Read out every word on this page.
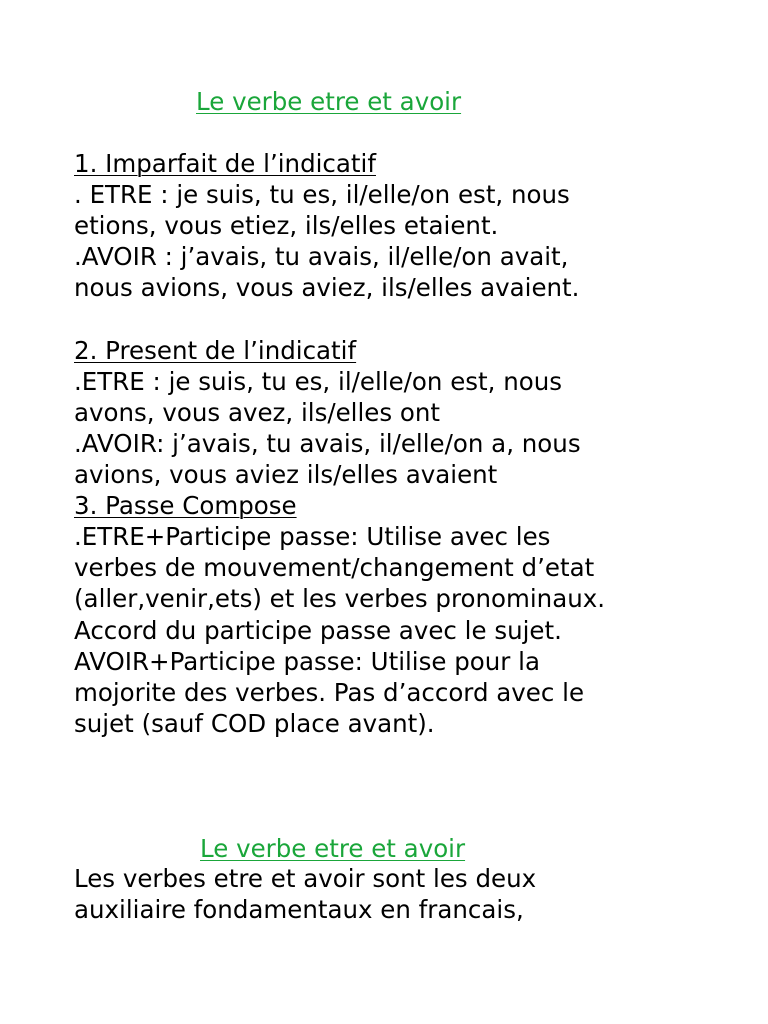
Le verbe etre et avoir

1. Imparfait de l’indicatif

. ETRE : je suis, tu es, il/elle/on est, nous

etions, vous etiez, ils/elles etaient.

.AVOIR : j’avais, tu avais, il/elle/on avait,

nous avions, vous aviez, ils/elles avaient.

2. Present de l’indicatif

.ETRE : je suis, tu es, il/elle/on est, nous

avons, vous avez, ils/elles ont

.AVOIR: j’avais, tu avais, il/elle/on a, nous

avions, vous aviez ils/elles avaient

3. Passe Compose

.ETRE+Participe passe: Utilise avec les

verbes de mouvement/changement d’etat

(aller,venir,ets) et les verbes pronominaux.

Accord du participe passe avec le sujet.

AVOIR+Participe passe: Utilise pour la

mojorite des verbes. Pas d’accord avec le

sujet (sauf COD place avant).

Le verbe etre et avoir

Les verbes etre et avoir sont les deux

auxiliaire fondamentaux en francais,
